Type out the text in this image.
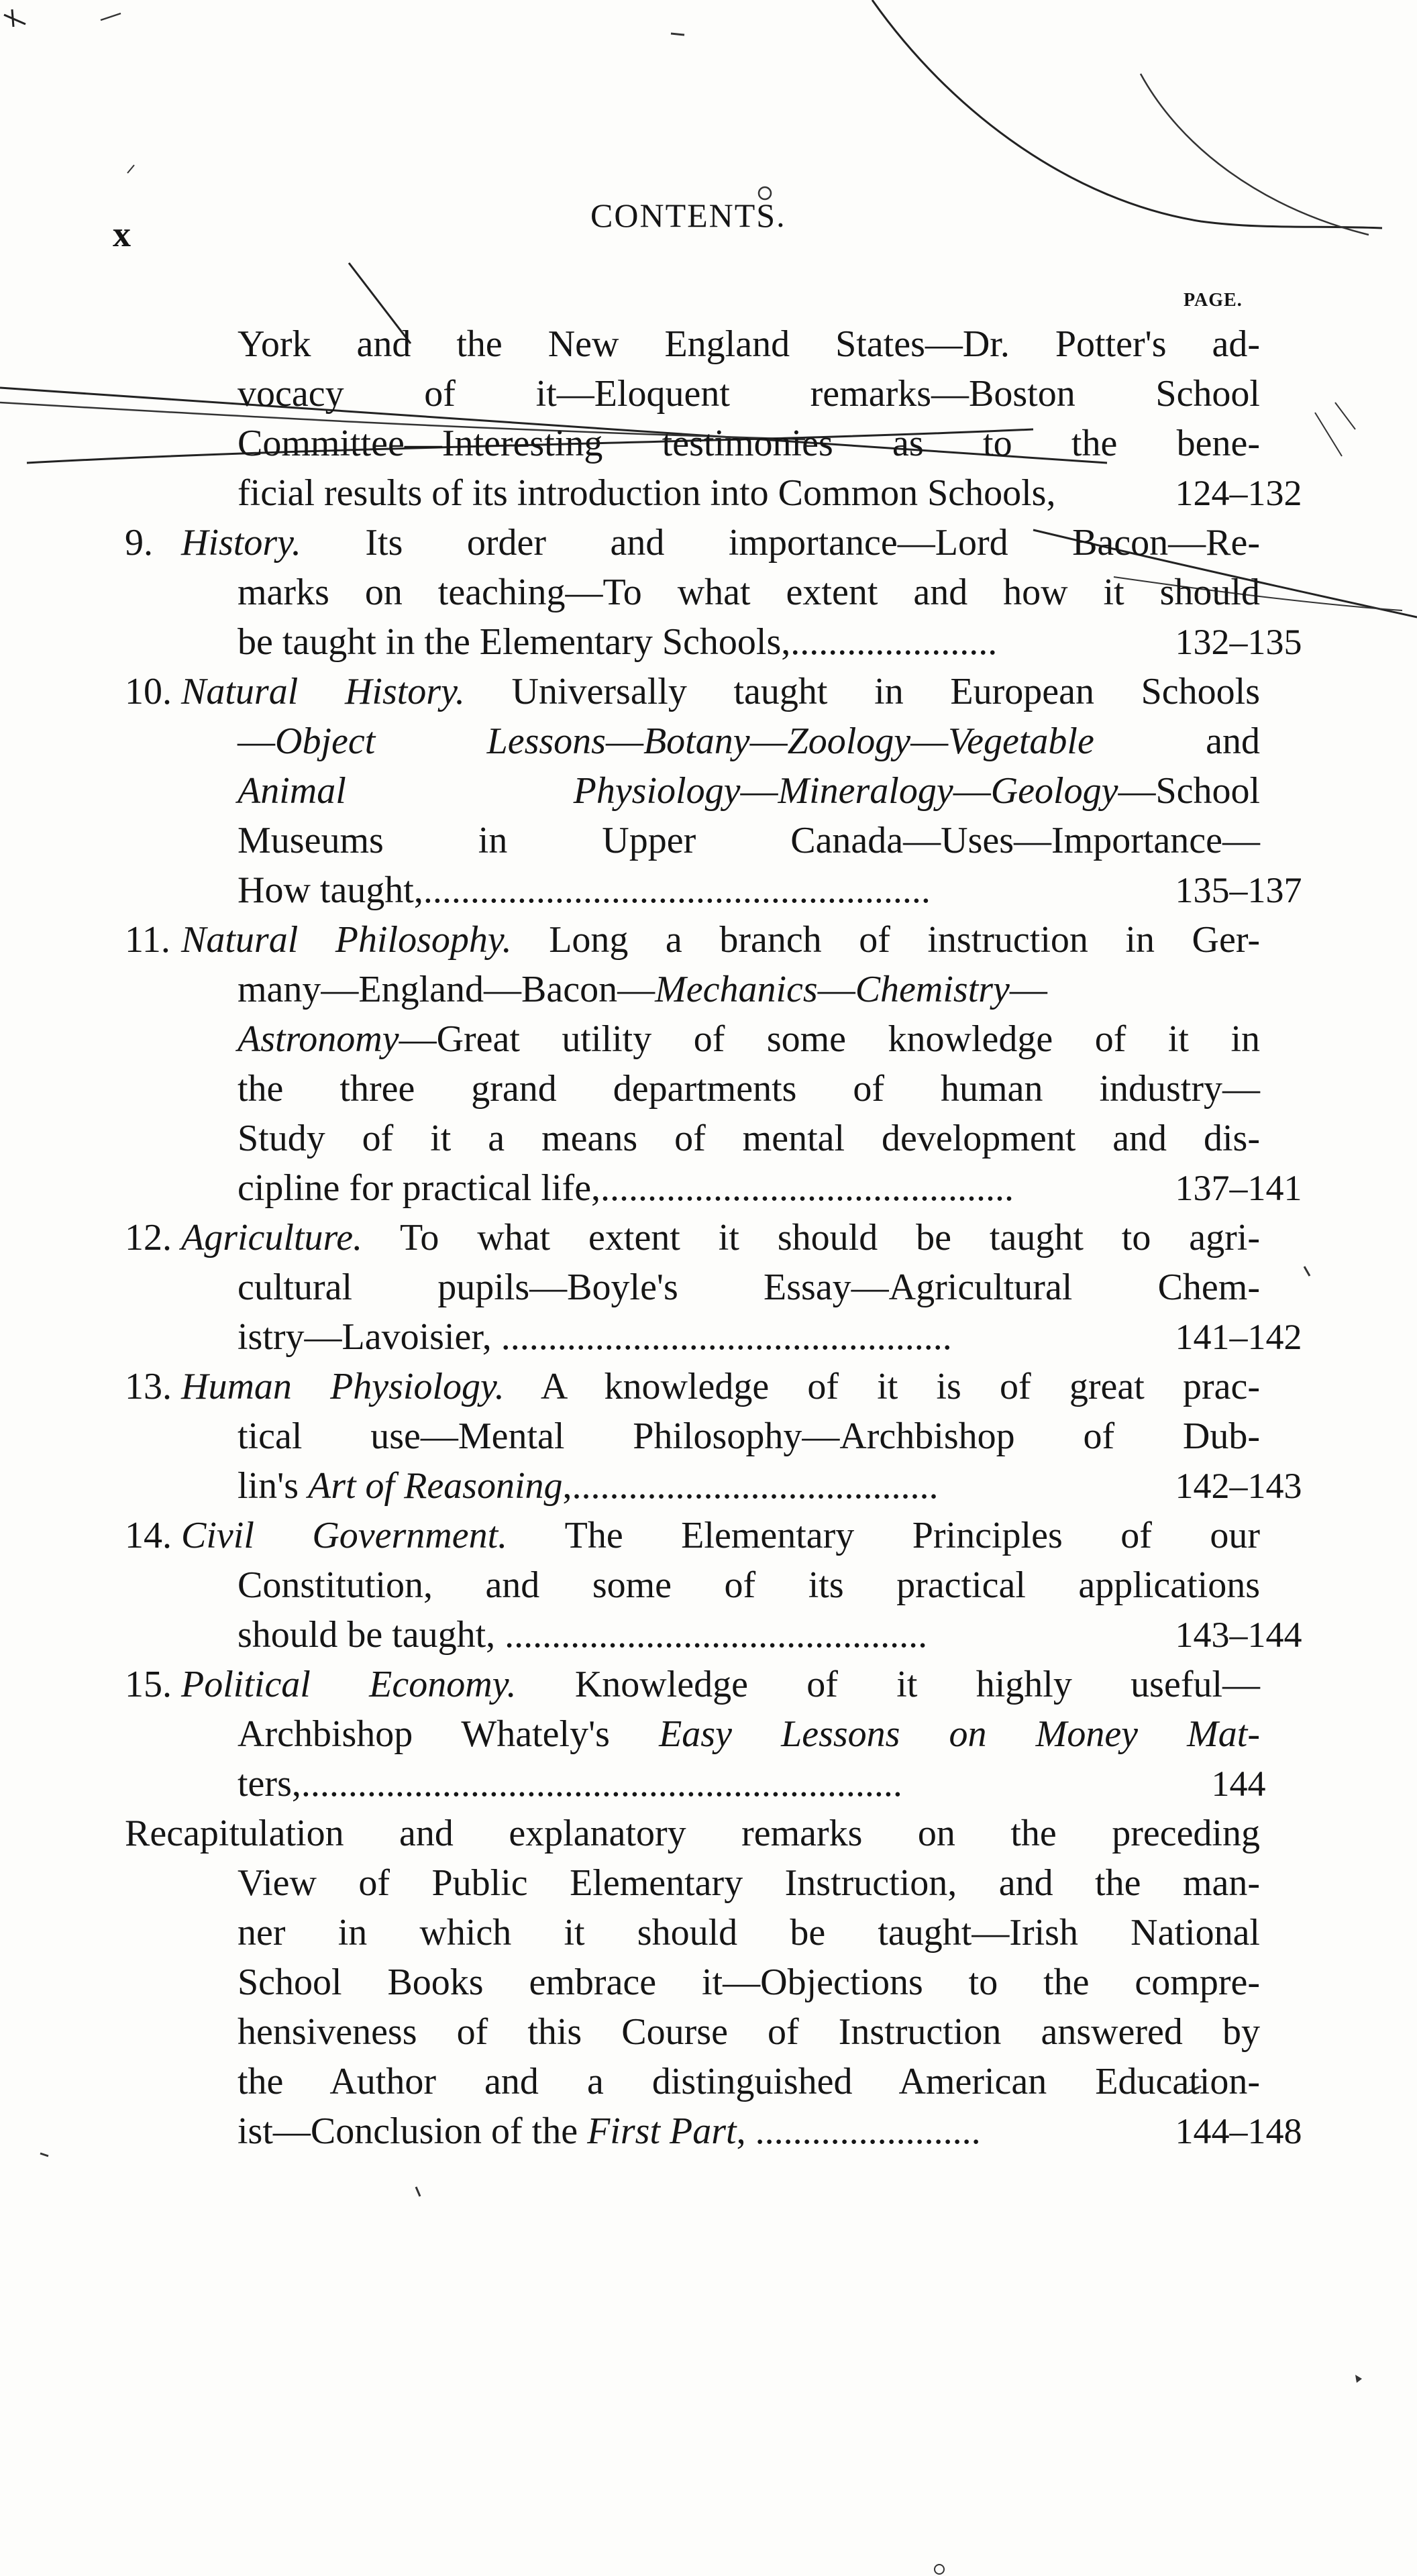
x	CONTENTS.
PAGE.
York and the New England States—Dr. Potter's ad-
vocacy of it—Eloquent remarks—Boston School
Committee—Interesting testimonies as to the bene-
ficial results of its introduction into Common Schools,	124–132
9. History. Its order and importance—Lord Bacon—Re-
marks on teaching—To what extent and how it should
be taught in the Elementary Schools,......................	132–135
10. Natural History. Universally taught in European Schools
—Object Lessons—Botany—Zoology—Vegetable and
Animal Physiology—Mineralogy—Geology—School
Museums in Upper Canada—Uses—Importance—
How taught,......................................................	135–137
11. Natural Philosophy. Long a branch of instruction in Ger-
many—England—Bacon—Mechanics—Chemistry—
Astronomy—Great utility of some knowledge of it in
the three grand departments of human industry—
Study of it a means of mental development and dis-
cipline for practical life,............................................	137–141
12. Agriculture. To what extent it should be taught to agri-
cultural pupils—Boyle's Essay—Agricultural Chem-
istry—Lavoisier, ................................................	141–142
13. Human Physiology. A knowledge of it is of great prac-
tical use—Mental Philosophy—Archbishop of Dub-
lin's Art of Reasoning,.......................................	142–143
14. Civil Government. The Elementary Principles of our
Constitution, and some of its practical applications
should be taught, .............................................	143–144
15. Political Economy. Knowledge of it highly useful—
Archbishop Whately's Easy Lessons on Money Mat-
ters,................................................................	144
Recapitulation and explanatory remarks on the preceding
View of Public Elementary Instruction, and the man-
ner in which it should be taught—Irish National
School Books embrace it—Objections to the compre-
hensiveness of this Course of Instruction answered by
the Author and a distinguished American Education-
ist—Conclusion of the First Part, ........................	144–148
